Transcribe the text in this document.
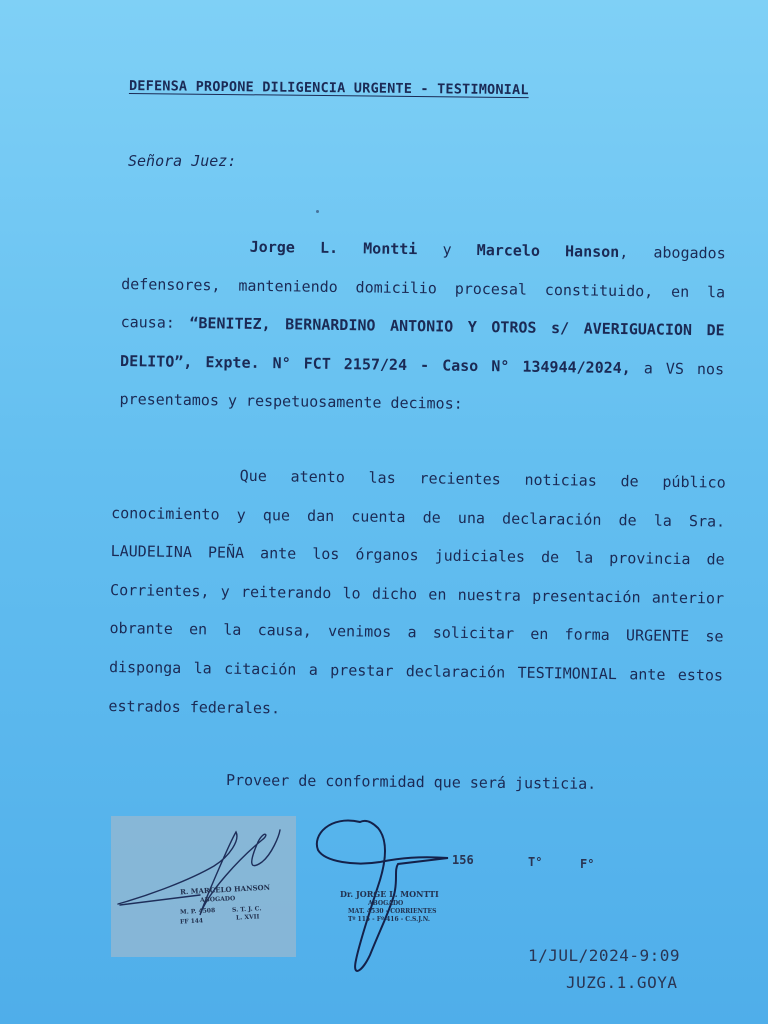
DEFENSA PROPONE DILIGENCIA URGENTE - TESTIMONIAL
Señora Juez:
Jorge L. Montti y Marcelo Hanson, abogados defensores, manteniendo domicilio procesal constituido, en la causa: “BENITEZ, BERNARDINO ANTONIO Y OTROS s/ AVERIGUACION DE DELITO”, Expte. N° FCT 2157/24 - Caso N° 134944/2024, a VS nos presentamos y respetuosamente decimos:
Que atento las recientes noticias de público conocimiento y que dan cuenta de una declaración de la Sra. LAUDELINA PEÑA ante los órganos judiciales de la provincia de Corrientes, y reiterando lo dicho en nuestra presentación anterior obrante en la causa, venimos a solicitar en forma URGENTE se disponga la citación a prestar declaración TESTIMONIAL ante estos estrados federales.
Proveer de conformidad que será justicia.
R. MARCELO HANSON
ABOGADO
M. P. 4508	S. T. J. C.
FF 144	L. XVII
Dr. JORGE L. MONTTI
ABOGADO
MAT. 4530 - CORRIENTES
Tº 115 - Fº 416 - C.S.J.N.
156	T°	F°
1/JUL/2024-9:09
JUZG.1.GOYA
